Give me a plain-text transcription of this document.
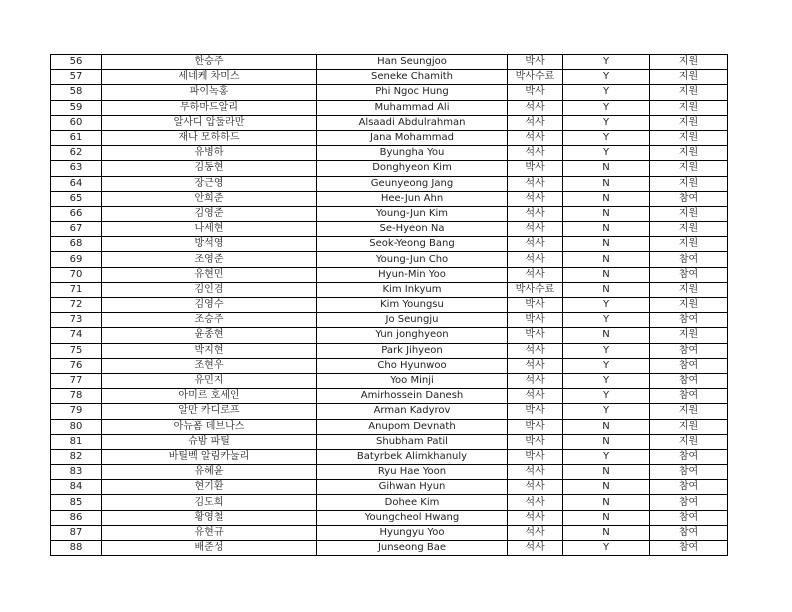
56	한승주	Han Seungjoo	박사	Y	지원
57	세네케 차미스	Seneke Chamith	박사수료	Y	지원
58	파이녹홍	Phi Ngoc Hung	박사	Y	지원
59	무하마드알리	Muhammad Ali	석사	Y	지원
60	알사디 압둘라만	Alsaadi Abdulrahman	석사	Y	지원
61	재나 모하하드	Jana Mohammad	석사	Y	지원
62	유병하	Byungha You	석사	Y	지원
63	김동현	Donghyeon Kim	박사	N	지원
64	장근영	Geunyeong Jang	석사	N	지원
65	안희준	Hee-Jun Ahn	석사	N	참여
66	김영준	Young-Jun Kim	석사	N	지원
67	나세현	Se-Hyeon Na	석사	N	지원
68	방석영	Seok-Yeong Bang	석사	N	지원
69	조영준	Young-Jun Cho	석사	N	참여
70	유현민	Hyun-Min Yoo	석사	N	참여
71	김인겸	Kim Inkyum	박사수료	N	지원
72	김영수	Kim Youngsu	박사	Y	지원
73	조승주	Jo Seungju	박사	Y	참여
74	윤종현	Yun jonghyeon	박사	N	지원
75	박지현	Park Jihyeon	석사	Y	참여
76	조현우	Cho Hyunwoo	석사	Y	참여
77	유민지	Yoo Minji	석사	Y	참여
78	아미르 호세인	Amirhossein Danesh	석사	Y	참여
79	알만 카디로프	Arman Kadyrov	박사	Y	지원
80	아뉴폼 데브나스	Anupom Devnath	박사	N	지원
81	슈밤 파틸	Shubham Patil	박사	N	지원
82	바틸벡 알림카눌리	Batyrbek Alimkhanuly	박사	Y	참여
83	유혜윤	Ryu Hae Yoon	석사	N	참여
84	현기환	Gihwan Hyun	석사	N	참여
85	김도희	Dohee Kim	석사	N	참여
86	황영철	Youngcheol Hwang	석사	N	참여
87	유현규	Hyungyu Yoo	석사	N	참여
88	배준성	Junseong Bae	석사	Y	참여
